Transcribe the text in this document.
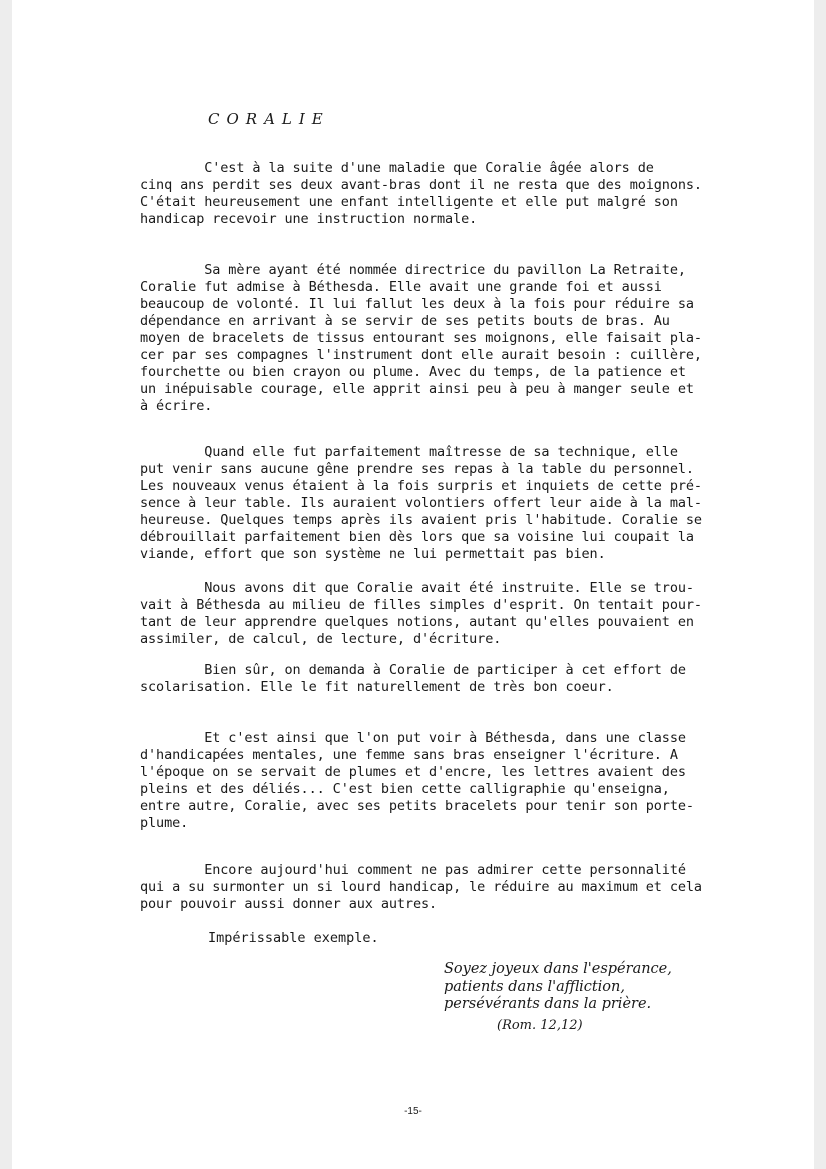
CORALIE

C'est à la suite d'une maladie que Coralie âgée alors de
cinq ans perdit ses deux avant-bras dont il ne resta que des moignons.
C'était heureusement une enfant intelligente et elle put malgré son
handicap recevoir une instruction normale.

Sa mère ayant été nommée directrice du pavillon La Retraite,
Coralie fut admise à Béthesda. Elle avait une grande foi et aussi
beaucoup de volonté. Il lui fallut les deux à la fois pour réduire sa
dépendance en arrivant à se servir de ses petits bouts de bras. Au
moyen de bracelets de tissus entourant ses moignons, elle faisait pla-
cer par ses compagnes l'instrument dont elle aurait besoin : cuillère,
fourchette ou bien crayon ou plume. Avec du temps, de la patience et
un inépuisable courage, elle apprit ainsi peu à peu à manger seule et
à écrire.

Quand elle fut parfaitement maîtresse de sa technique, elle
put venir sans aucune gêne prendre ses repas à la table du personnel.
Les nouveaux venus étaient à la fois surpris et inquiets de cette pré-
sence à leur table. Ils auraient volontiers offert leur aide à la mal-
heureuse. Quelques temps après ils avaient pris l'habitude. Coralie se
débrouillait parfaitement bien dès lors que sa voisine lui coupait la
viande, effort que son système ne lui permettait pas bien.

Nous avons dit que Coralie avait été instruite. Elle se trou-
vait à Béthesda au milieu de filles simples d'esprit. On tentait pour-
tant de leur apprendre quelques notions, autant qu'elles pouvaient en
assimiler, de calcul, de lecture, d'écriture.

Bien sûr, on demanda à Coralie de participer à cet effort de
scolarisation. Elle le fit naturellement de très bon coeur.

Et c'est ainsi que l'on put voir à Béthesda, dans une classe
d'handicapées mentales, une femme sans bras enseigner l'écriture. A
l'époque on se servait de plumes et d'encre, les lettres avaient des
pleins et des déliés... C'est bien cette calligraphie qu'enseigna,
entre autre, Coralie, avec ses petits bracelets pour tenir son porte-
plume.

Encore aujourd'hui comment ne pas admirer cette personnalité
qui a su surmonter un si lourd handicap, le réduire au maximum et cela
pour pouvoir aussi donner aux autres.

Impérissable exemple.
Soyez joyeux dans l'espérance,
patients dans l'affliction,
persévérants dans la prière.
(Rom. 12,12)
-15-
